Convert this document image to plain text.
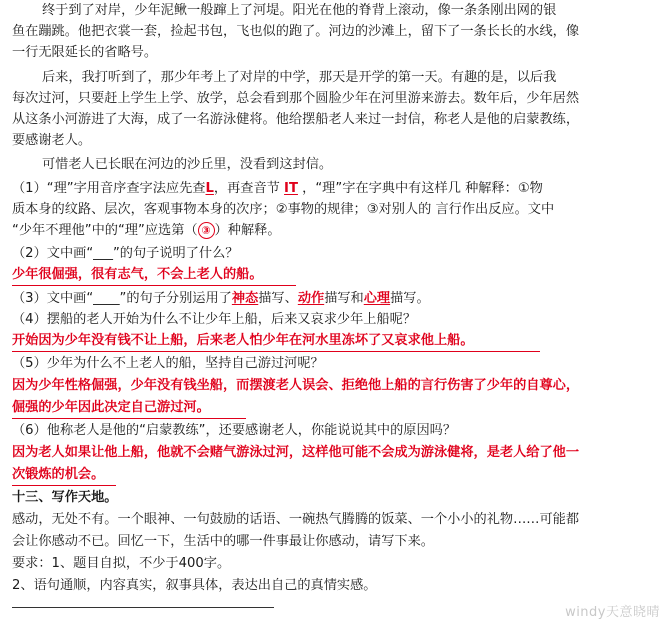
终于到了对岸，少年泥鳅一般蹿上了河堤。阳光在他的脊背上滚动，像一条条刚出网的银
鱼在蹦跳。他把衣裳一套，捡起书包，飞也似的跑了。河边的沙滩上，留下了一条长长的水线，像
一行无限延长的省略号。
后来，我打听到了，那少年考上了对岸的中学，那天是开学的第一天。有趣的是，以后我
每次过河，只要赶上学生上学、放学，总会看到那个圆脸少年在河里游来游去。数年后，少年居然
从这条小河游进了大海，成了一名游泳健将。他给摆船老人来过一封信，称老人是他的启蒙教练，
要感谢老人。
可惜老人已长眠在河边的沙丘里，没看到这封信。
（1）“理”字用音序查字法应先查L，再查音节 IT ，“理”字在字典中有这样几 种解释：①物
质本身的纹路、层次，客观事物本身的次序；②事物的规律；③对别人的 言行作出反应。文中
“少年不理他”中的“理”应选第（ ③ ）种解释。
（2）文中画“___”的句子说明了什么？
少年很倔强，很有志气，不会上老人的船。
（3）文中画“____”的句子分别运用了神态描写、动作描写和心理描写。
（4）摆船的老人开始为什么不让少年上船，后来又哀求少年上船呢？
开始因为少年没有钱不让上船，后来老人怕少年在河水里冻坏了又哀求他上船。
（5）少年为什么不上老人的船，坚持自己游过河呢？
因为少年性格倔强，少年没有钱坐船，而摆渡老人误会、拒绝他上船的言行伤害了少年的自尊心，
倔强的少年因此决定自己游过河。
（6）他称老人是他的“启蒙教练”，还要感谢老人，你能说说其中的原因吗？
因为老人如果让他上船，他就不会赌气游泳过河，这样他可能不会成为游泳健将，是老人给了他一
次锻炼的机会。
十三、写作天地。
感动，无处不有。一个眼神、一句鼓励的话语、一碗热气腾腾的饭菜、一个小小的礼物……可能都
会让你感动不已。回忆一下，生活中的哪一件事最让你感动，请写下来。
要求：1、题目自拟，不少于400字。
2、语句通顺，内容真实，叙事具体，表达出自己的真情实感。
windy天意晓晴
